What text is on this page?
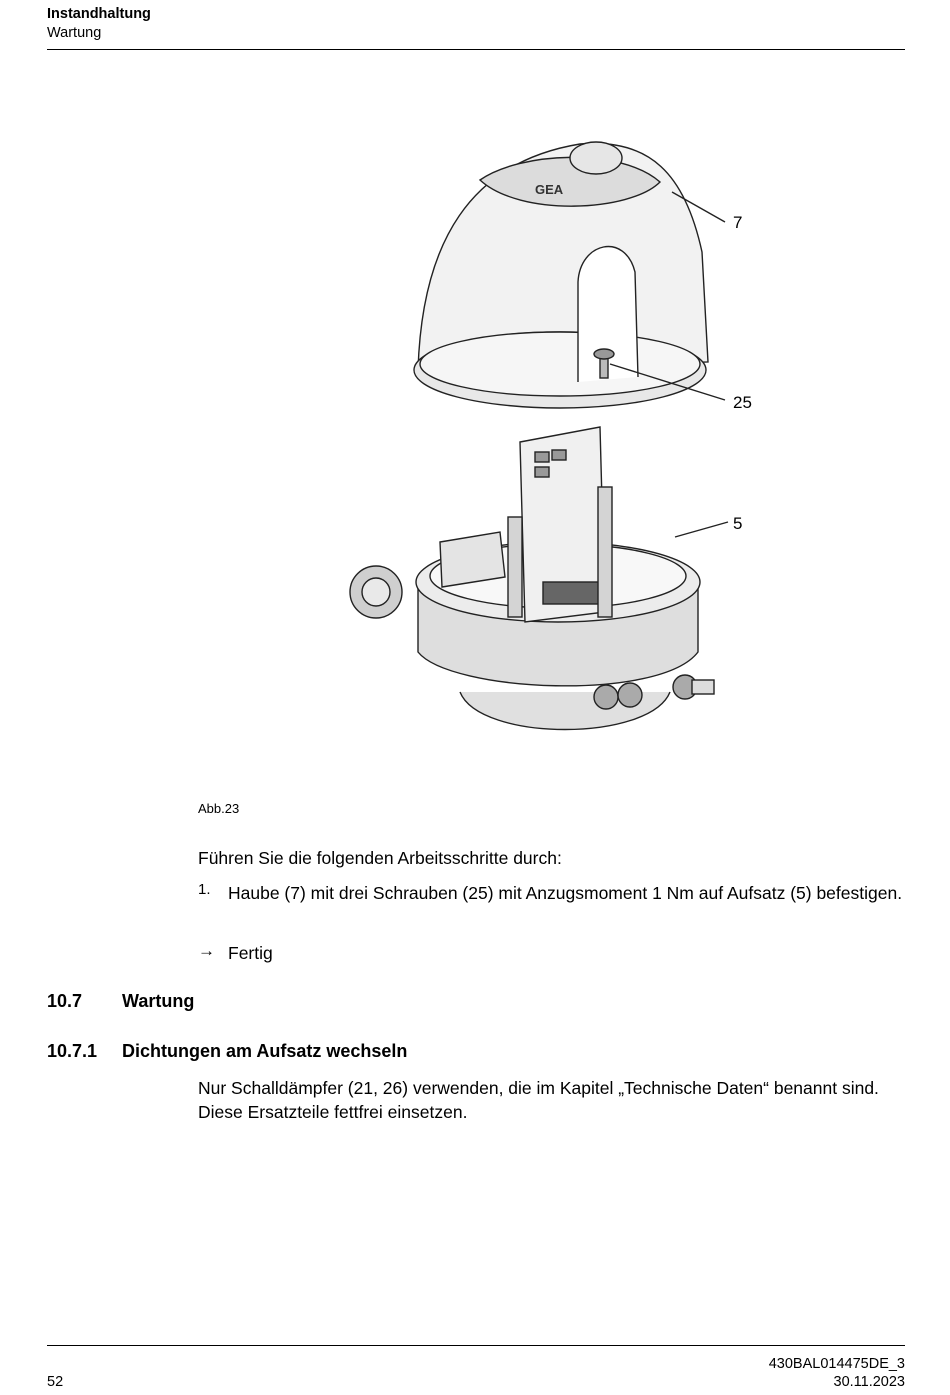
Instandhaltung
Wartung
7
25
5
GEA
Abb.23
Führen Sie die folgenden Arbeitsschritte durch:
1. Haube (7) mit drei Schrauben (25) mit Anzugsmoment 1 Nm auf Aufsatz (5) befestigen.
→ Fertig
10.7 Wartung
10.7.1 Dichtungen am Aufsatz wechseln
Nur Schalldämpfer (21, 26) verwenden, die im Kapitel „Technische Daten“ benannt sind. Diese Ersatzteile fettfrei einsetzen.
430BAL014475DE_3
30.11.2023
52
